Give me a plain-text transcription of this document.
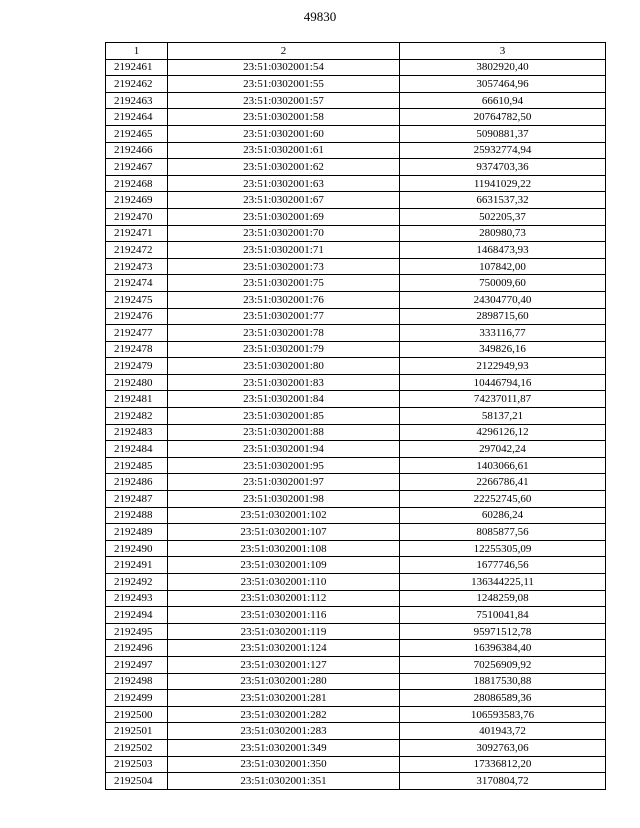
49830
1	2	3
2192461	23:51:0302001:54	3802920,40
2192462	23:51:0302001:55	3057464,96
2192463	23:51:0302001:57	66610,94
2192464	23:51:0302001:58	20764782,50
2192465	23:51:0302001:60	5090881,37
2192466	23:51:0302001:61	25932774,94
2192467	23:51:0302001:62	9374703,36
2192468	23:51:0302001:63	11941029,22
2192469	23:51:0302001:67	6631537,32
2192470	23:51:0302001:69	502205,37
2192471	23:51:0302001:70	280980,73
2192472	23:51:0302001:71	1468473,93
2192473	23:51:0302001:73	107842,00
2192474	23:51:0302001:75	750009,60
2192475	23:51:0302001:76	24304770,40
2192476	23:51:0302001:77	2898715,60
2192477	23:51:0302001:78	333116,77
2192478	23:51:0302001:79	349826,16
2192479	23:51:0302001:80	2122949,93
2192480	23:51:0302001:83	10446794,16
2192481	23:51:0302001:84	74237011,87
2192482	23:51:0302001:85	58137,21
2192483	23:51:0302001:88	4296126,12
2192484	23:51:0302001:94	297042,24
2192485	23:51:0302001:95	1403066,61
2192486	23:51:0302001:97	2266786,41
2192487	23:51:0302001:98	22252745,60
2192488	23:51:0302001:102	60286,24
2192489	23:51:0302001:107	8085877,56
2192490	23:51:0302001:108	12255305,09
2192491	23:51:0302001:109	1677746,56
2192492	23:51:0302001:110	136344225,11
2192493	23:51:0302001:112	1248259,08
2192494	23:51:0302001:116	7510041,84
2192495	23:51:0302001:119	95971512,78
2192496	23:51:0302001:124	16396384,40
2192497	23:51:0302001:127	70256909,92
2192498	23:51:0302001:280	18817530,88
2192499	23:51:0302001:281	28086589,36
2192500	23:51:0302001:282	106593583,76
2192501	23:51:0302001:283	401943,72
2192502	23:51:0302001:349	3092763,06
2192503	23:51:0302001:350	17336812,20
2192504	23:51:0302001:351	3170804,72
